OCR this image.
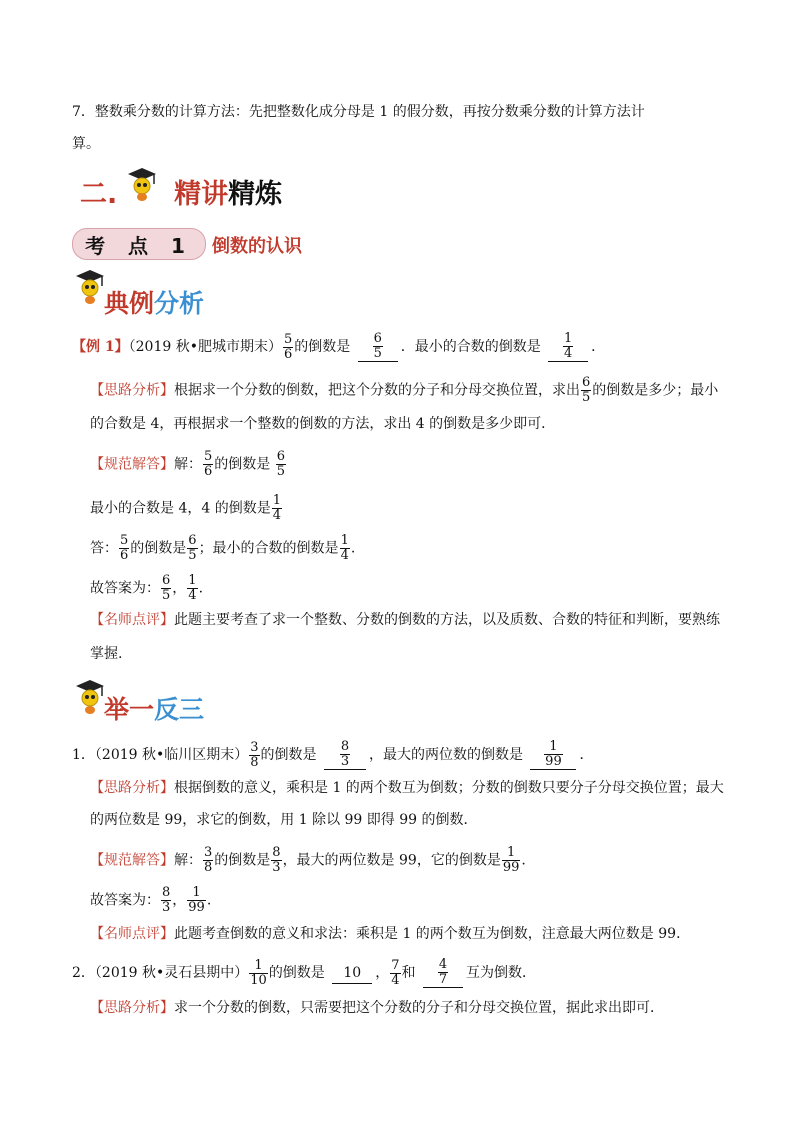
7．整数乘分数的计算方法：先把整数化成分母是 1 的假分数，再按分数乘分数的计算方法计
算。
二. 精讲精炼
考 点 1	倒数的认识
典例分析
【例 1】（2019 秋•肥城市期末） $\frac{5}{6}$ 的倒数是 $\frac{6}{5}$ ．最小的合数的倒数是 $\frac{1}{4}$ ．
【思路分析】根据求一个分数的倒数，把这个分数的分子和分母交换位置，求出 $\frac{6}{5}$ 的倒数是多少；最小
的合数是 4，再根据求一个整数的倒数的方法，求出 4 的倒数是多少即可．
【规范解答】解： $\frac{5}{6}$ 的倒数是 $\frac{6}{5}$
最小的合数是 4，4 的倒数是 $\frac{1}{4}$
答： $\frac{5}{6}$ 的倒数是 $\frac{6}{5}$ ；最小的合数的倒数是 $\frac{1}{4}$ .
故答案为： $\frac{6}{5}$ ， $\frac{1}{4}$ .
【名师点评】此题主要考查了求一个整数、分数的倒数的方法，以及质数、合数的特征和判断，要熟练
掌握.
举一反三
1．（2019 秋•临川区期末） $\frac{3}{8}$ 的倒数是 $\frac{8}{3}$ ，最大的两位数的倒数是 $\frac{1}{99}$ ．
【思路分析】根据倒数的意义，乘积是 1 的两个数互为倒数；分数的倒数只要分子分母交换位置；最大
的两位数是 99，求它的倒数，用 1 除以 99 即得 99 的倒数．
【规范解答】解： $\frac{3}{8}$ 的倒数是 $\frac{8}{3}$ ，最大的两位数是 99，它的倒数是 $\frac{1}{99}$ .
故答案为： $\frac{8}{3}$ ， $\frac{1}{99}$ .
【名师点评】此题考查倒数的意义和求法：乘积是 1 的两个数互为倒数，注意最大两位数是 99．
2．（2019 秋•灵石县期中） $\frac{1}{10}$ 的倒数是 10 ， $\frac{7}{4}$ 和 $\frac{4}{7}$ 互为倒数．
【思路分析】求一个分数的倒数，只需要把这个分数的分子和分母交换位置，据此求出即可．
